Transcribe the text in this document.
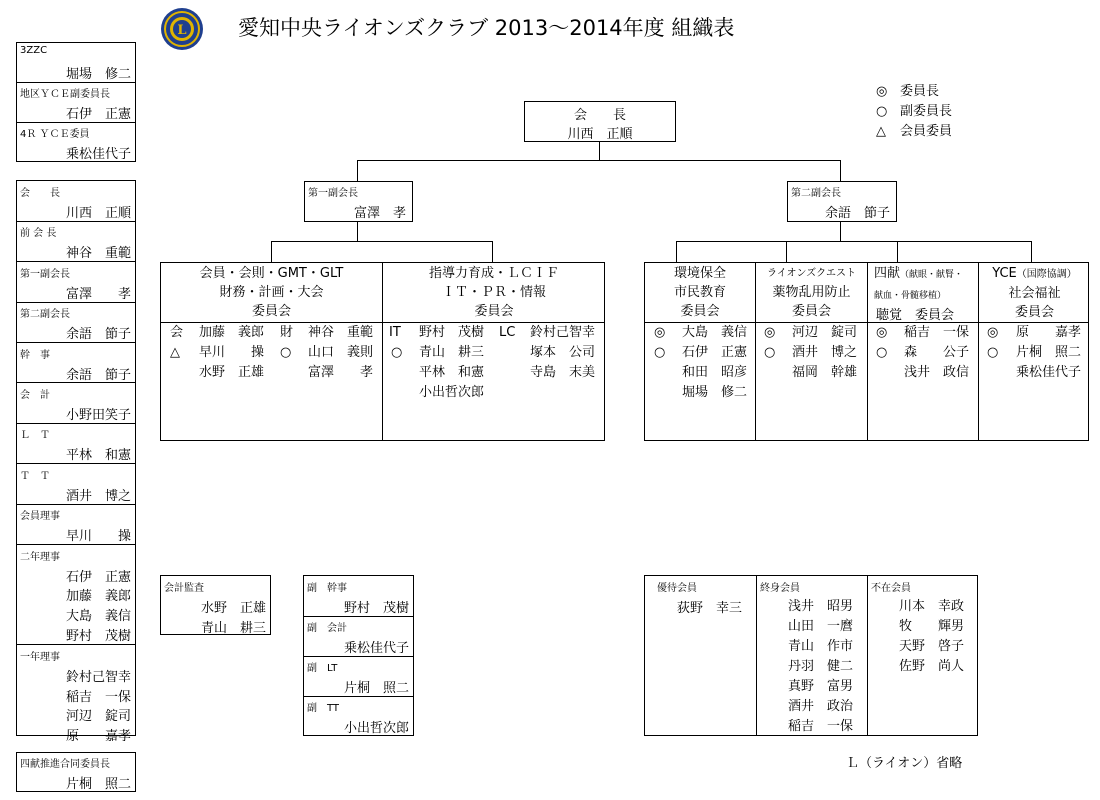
L 愛知中央ライオンズクラブ 2013～2014年度 組織表
◎ 委員長
○ 副委員長
△ 会員委員
3ZZC
堀場　修二
地区ＹＣＥ副委員長
石伊　正憲
4Ｒ ＹＣＥ委員
乗松佳代子
会　　長
川西　正順
前 会 長
神谷　重範
第一副会長
富澤　　孝
第二副会長
余語　節子
幹　事
余語　節子
会　計
小野田笑子
Ｌ　Ｔ
平林　和憲
Ｔ　Ｔ
酒井　博之
会員理事
早川　　操
二年理事
石伊　正憲
加藤　義郎
大島　義信
野村　茂樹
一年理事
鈴村己智幸
稲吉　一保
河辺　錠司
原　　嘉孝
四献推進合同委員長
片桐　照二
会　　長
川西　正順
第一副会長
富澤　孝
第二副会長
余語　節子
会員・会則・GMT・GLT
財務・計画・大会
委員会
会 加藤　義郎
△ 早川　　操
水野　正雄
財 神谷　重範
○ 山口　義則
富澤　　孝
指導力育成・ＬＣＩＦ
ＩＴ・ＰＲ・情報
委員会
IT 野村　茂樹
○ 青山　耕三
平林　和憲
小出哲次郎
LC 鈴村己智幸
塚本　公司
寺島　末美
環境保全
市民教育
委員会
◎ 大島　義信
○ 石伊　正憲
和田　昭彦
堀場　修二
ライオンズクエスト
薬物乱用防止
委員会
◎ 河辺　錠司
○ 酒井　博之
福岡　幹雄
四献（献眼・献腎・
献血・骨髄移植）
聴覚　委員会
◎ 稲吉　一保
○ 森　　公子
浅井　政信
YCE（国際協調）
社会福祉
委員会
◎ 原　　嘉孝
○ 片桐　照二
乗松佳代子
会計監査
水野　正雄
青山　耕三
副　幹事
野村　茂樹
副　会計
乗松佳代子
副　LT
片桐　照二
副　TT
小出哲次郎
優待会員
荻野　幸三
終身会員
浅井　昭男
山田　一麿
青山　作市
丹羽　健二
真野　富男
酒井　政治
稲吉　一保
不在会員
川本　幸政
牧　　輝男
天野　啓子
佐野　尚人
Ｌ（ライオン）省略
